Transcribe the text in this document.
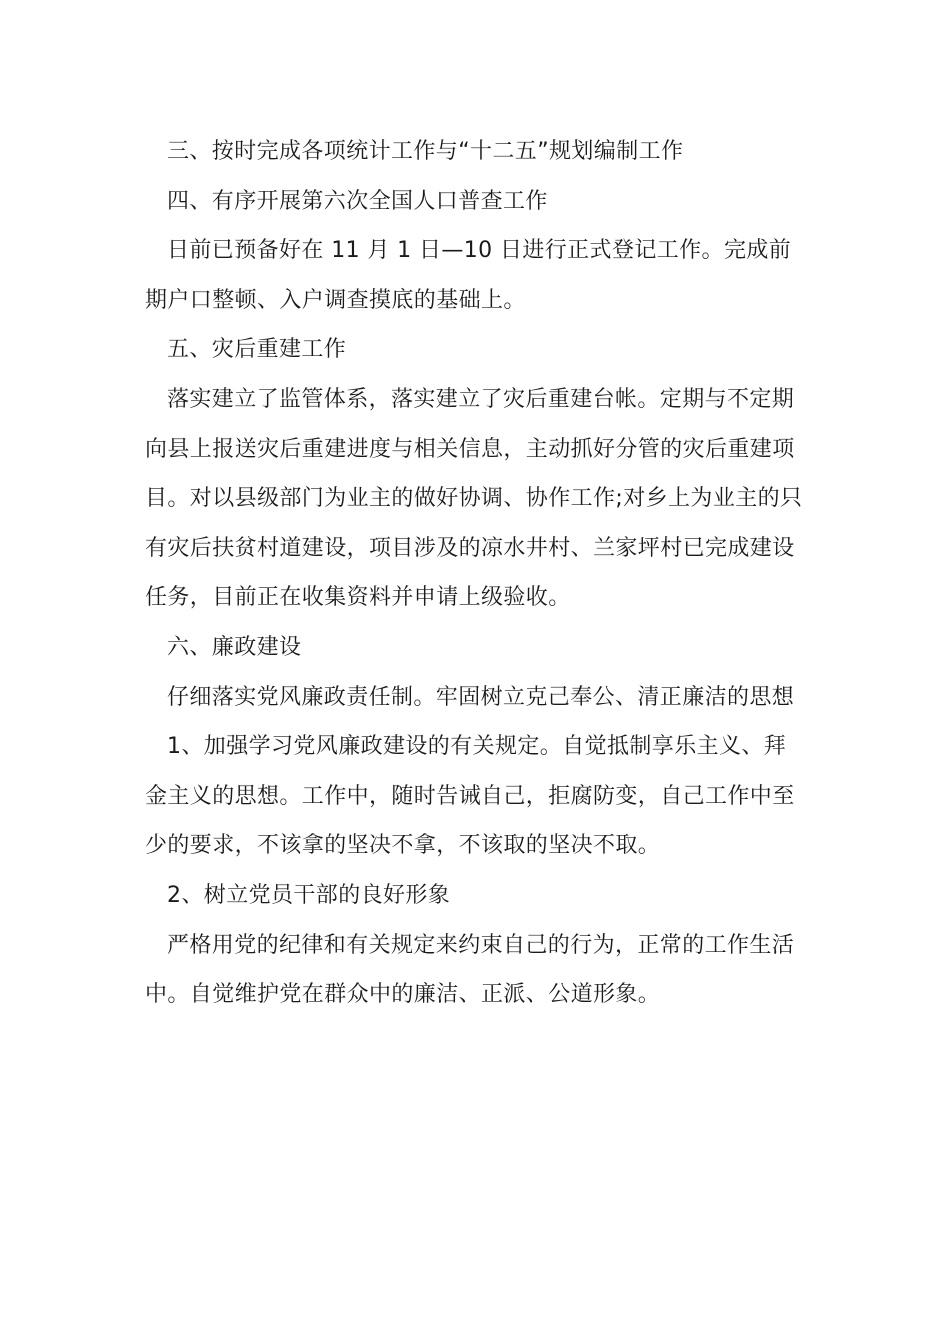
三、按时完成各项统计工作与“十二五”规划编制工作

四、有序开展第六次全国人口普查工作

日前已预备好在 11 月 1 日—10 日进行正式登记工作。完成前期户口整顿、入户调查摸底的基础上。

五、灾后重建工作

落实建立了监管体系，落实建立了灾后重建台帐。定期与不定期向县上报送灾后重建进度与相关信息，主动抓好分管的灾后重建项目。对以县级部门为业主的做好协调、协作工作;对乡上为业主的只有灾后扶贫村道建设，项目涉及的凉水井村、兰家坪村已完成建设任务，目前正在收集资料并申请上级验收。

六、廉政建设

仔细落实党风廉政责任制。牢固树立克己奉公、清正廉洁的思想

1、加强学习党风廉政建设的有关规定。自觉抵制享乐主义、拜金主义的思想。工作中，随时告诫自己，拒腐防变，自己工作中至少的要求，不该拿的坚决不拿，不该取的坚决不取。

2、树立党员干部的良好形象

严格用党的纪律和有关规定来约束自己的行为，正常的工作生活中。自觉维护党在群众中的廉洁、正派、公道形象。
